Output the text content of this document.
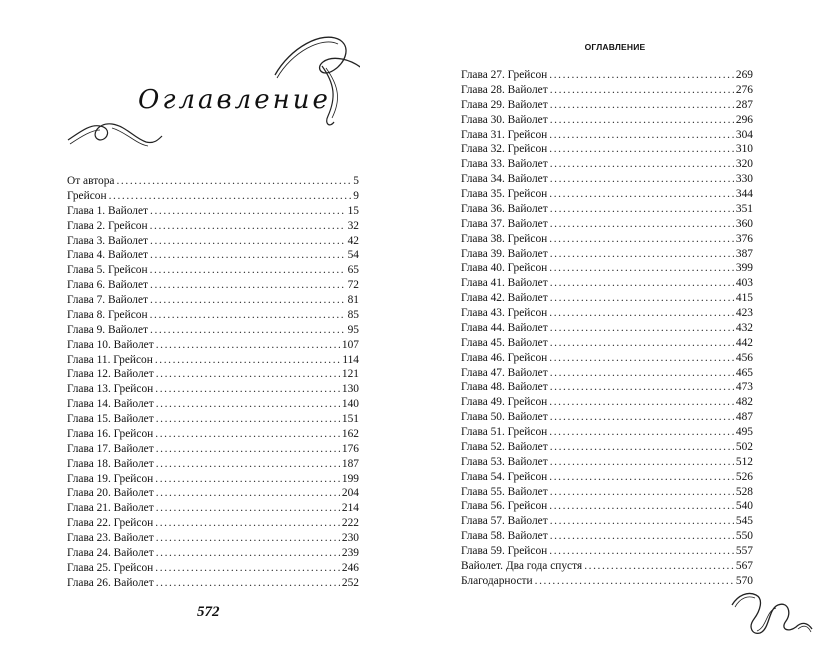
Оглавление
От автора .....	5
Грейсон .....	9
Глава 1. Вайолет .....	15
Глава 2. Грейсон .....	32
Глава 3. Вайолет .....	42
Глава 4. Вайолет .....	54
Глава 5. Грейсон .....	65
Глава 6. Вайолет .....	72
Глава 7. Вайолет .....	81
Глава 8. Грейсон .....	85
Глава 9. Вайолет .....	95
Глава 10. Вайолет .....	107
Глава 11. Грейсон .....	114
Глава 12. Вайолет .....	121
Глава 13. Грейсон .....	130
Глава 14. Вайолет .....	140
Глава 15. Вайолет .....	151
Глава 16. Грейсон .....	162
Глава 17. Вайолет .....	176
Глава 18. Вайолет .....	187
Глава 19. Грейсон .....	199
Глава 20. Вайолет .....	204
Глава 21. Вайолет .....	214
Глава 22. Грейсон .....	222
Глава 23. Вайолет .....	230
Глава 24. Вайолет .....	239
Глава 25. Грейсон .....	246
Глава 26. Вайолет .....	252
572
ОГЛАВЛЕНИЕ
Глава 27. Грейсон .....	269
Глава 28. Вайолет .....	276
Глава 29. Вайолет .....	287
Глава 30. Вайолет .....	296
Глава 31. Грейсон .....	304
Глава 32. Грейсон .....	310
Глава 33. Вайолет .....	320
Глава 34. Вайолет .....	330
Глава 35. Грейсон .....	344
Глава 36. Вайолет .....	351
Глава 37. Вайолет .....	360
Глава 38. Грейсон .....	376
Глава 39. Вайолет .....	387
Глава 40. Грейсон .....	399
Глава 41. Вайолет .....	403
Глава 42. Вайолет .....	415
Глава 43. Грейсон .....	423
Глава 44. Вайолет .....	432
Глава 45. Вайолет .....	442
Глава 46. Грейсон .....	456
Глава 47. Вайолет .....	465
Глава 48. Вайолет .....	473
Глава 49. Грейсон .....	482
Глава 50. Вайолет .....	487
Глава 51. Грейсон .....	495
Глава 52. Вайолет .....	502
Глава 53. Вайолет .....	512
Глава 54. Грейсон .....	526
Глава 55. Вайолет .....	528
Глава 56. Грейсон .....	540
Глава 57. Вайолет .....	545
Глава 58. Вайолет .....	550
Глава 59. Грейсон .....	557
Вайолет. Два года спустя .....	567
Благодарности .....	570
